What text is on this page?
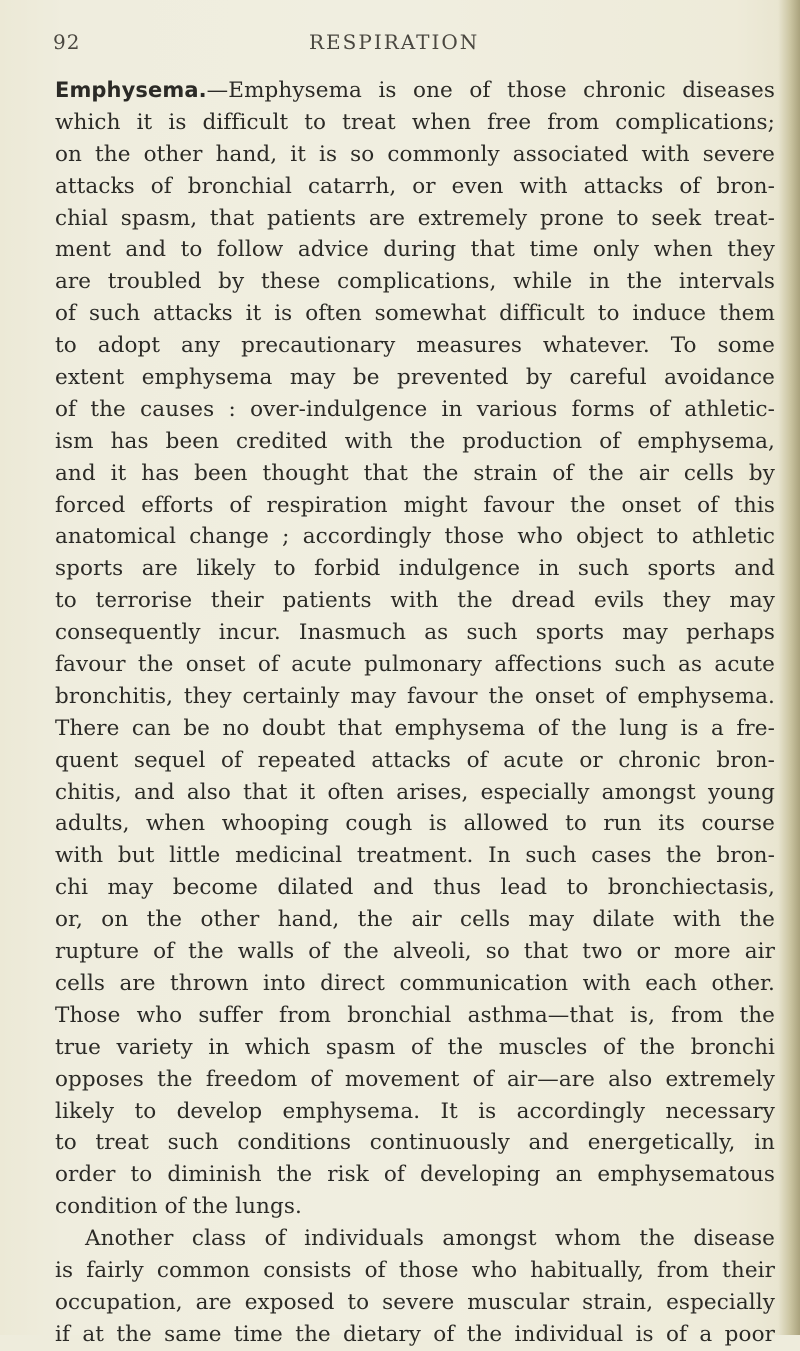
92	RESPIRATION
Emphysema.—Emphysema is one of those chronic diseases
which it is difficult to treat when free from complications;
on the other hand, it is so commonly associated with severe
attacks of bronchial catarrh, or even with attacks of bron-
chial spasm, that patients are extremely prone to seek treat-
ment and to follow advice during that time only when they
are troubled by these complications, while in the intervals
of such attacks it is often somewhat difficult to induce them
to adopt any precautionary measures whatever. To some
extent emphysema may be prevented by careful avoidance
of the causes : over-indulgence in various forms of athletic-
ism has been credited with the production of emphysema,
and it has been thought that the strain of the air cells by
forced efforts of respiration might favour the onset of this
anatomical change ; accordingly those who object to athletic
sports are likely to forbid indulgence in such sports and
to terrorise their patients with the dread evils they may
consequently incur. Inasmuch as such sports may perhaps
favour the onset of acute pulmonary affections such as acute
bronchitis, they certainly may favour the onset of emphysema.
There can be no doubt that emphysema of the lung is a fre-
quent sequel of repeated attacks of acute or chronic bron-
chitis, and also that it often arises, especially amongst young
adults, when whooping cough is allowed to run its course
with but little medicinal treatment. In such cases the bron-
chi may become dilated and thus lead to bronchiectasis,
or, on the other hand, the air cells may dilate with the
rupture of the walls of the alveoli, so that two or more air
cells are thrown into direct communication with each other.
Those who suffer from bronchial asthma—that is, from the
true variety in which spasm of the muscles of the bronchi
opposes the freedom of movement of air—are also extremely
likely to develop emphysema. It is accordingly necessary
to treat such conditions continuously and energetically, in
order to diminish the risk of developing an emphysematous
condition of the lungs.
Another class of individuals amongst whom the disease
is fairly common consists of those who habitually, from their
occupation, are exposed to severe muscular strain, especially
if at the same time the dietary of the individual is of a poor
